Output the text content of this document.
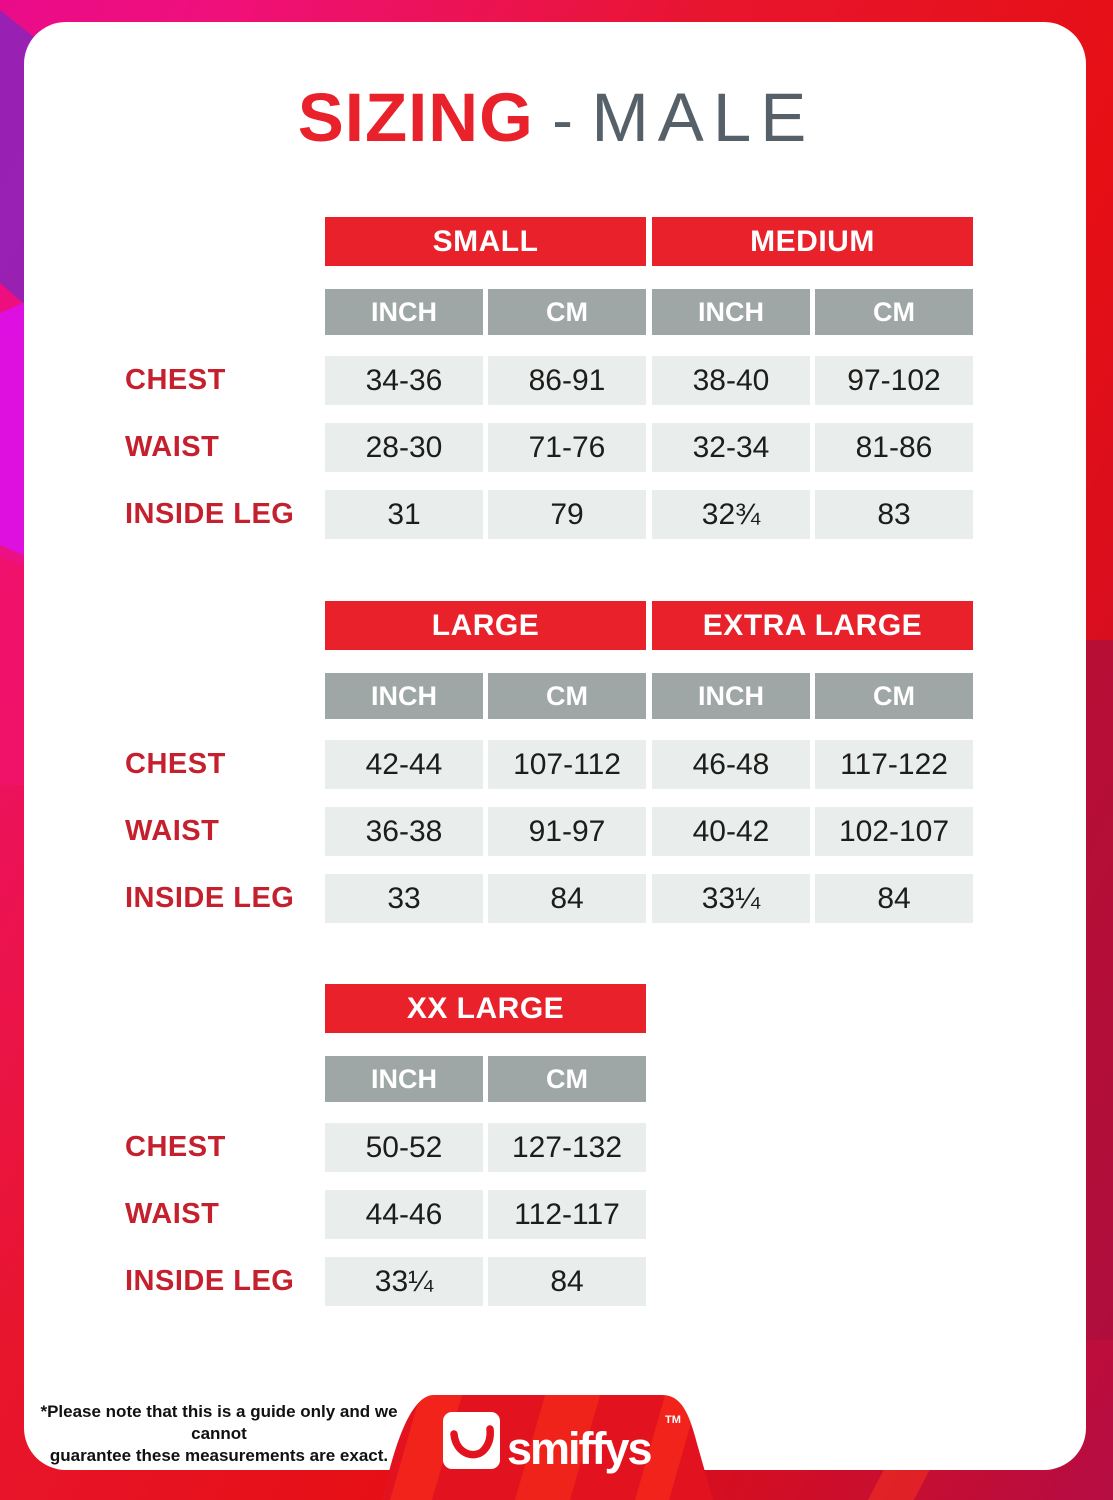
SIZING - MALE
SMALL	MEDIUM
INCH	CM	INCH	CM
CHEST	34-36	86-91	38-40	97-102
WAIST	28-30	71-76	32-34	81-86
INSIDE LEG	31	79	32¾	83
LARGE	EXTRA LARGE
INCH	CM	INCH	CM
CHEST	42-44	107-112	46-48	117-122
WAIST	36-38	91-97	40-42	102-107
INSIDE LEG	33	84	33¼	84
XX LARGE
INCH	CM
CHEST	50-52	127-132
WAIST	44-46	112-117
INSIDE LEG	33¼	84
*Please note that this is a guide only and we cannot
guarantee these measurements are exact.	smiffys
TM
